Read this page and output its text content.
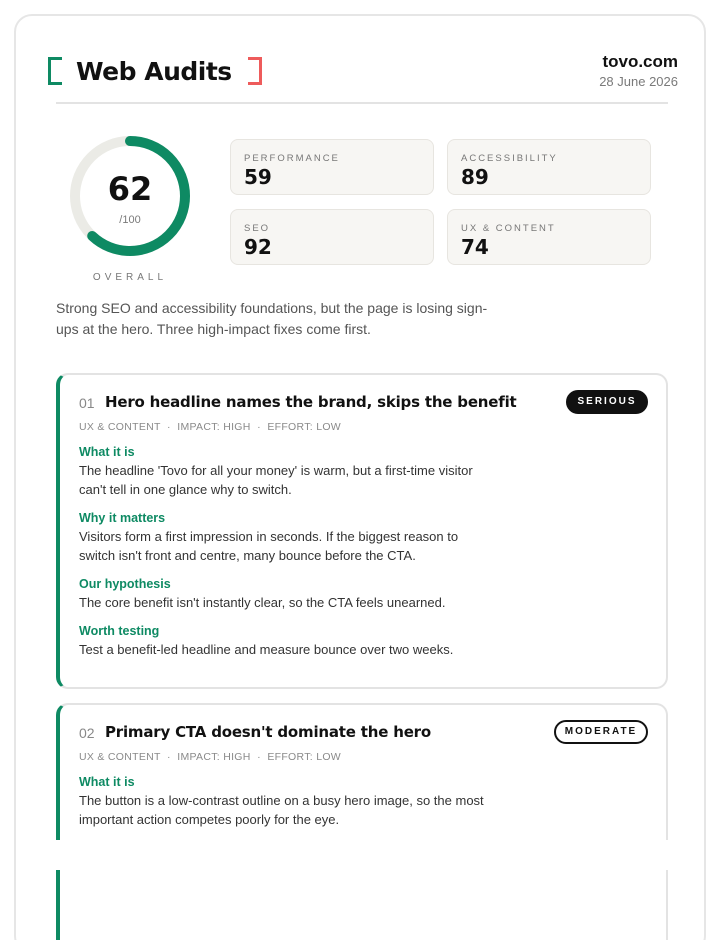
Web Audits	tovo.com
28 June 2026
62
/100
OVERALL
PERFORMANCE
59
ACCESSIBILITY
89
SEO
92
UX & CONTENT
74
Strong SEO and accessibility foundations, but the page is losing sign-ups at the hero. Three high-impact fixes come first.
01 Hero headline names the brand, skips the benefit	SERIOUS
UX & CONTENT  ·  IMPACT: HIGH  ·  EFFORT: LOW
What it is
The headline 'Tovo for all your money' is warm, but a first-time visitor can't tell in one glance why to switch.
Why it matters
Visitors form a first impression in seconds. If the biggest reason to switch isn't front and centre, many bounce before the CTA.
Our hypothesis
The core benefit isn't instantly clear, so the CTA feels unearned.
Worth testing
Test a benefit-led headline and measure bounce over two weeks.
02 Primary CTA doesn't dominate the hero	MODERATE
UX & CONTENT  ·  IMPACT: HIGH  ·  EFFORT: LOW
What it is
The button is a low-contrast outline on a busy hero image, so the most important action competes poorly for the eye.
